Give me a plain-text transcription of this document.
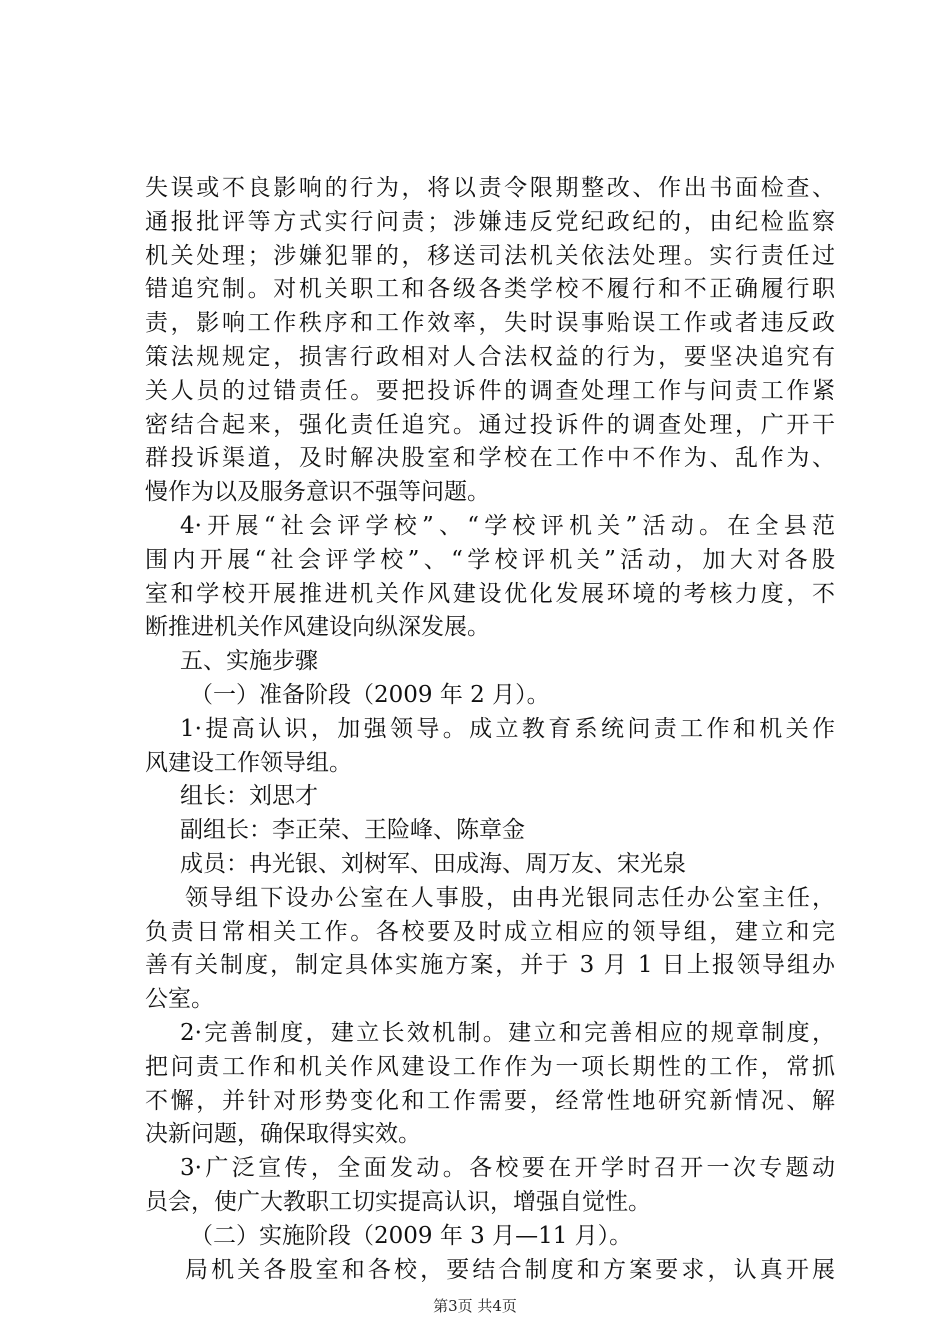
失误或不良影响的行为，将以责令限期整改、作出书面检查、
通报批评等方式实行问责；涉嫌违反党纪政纪的，由纪检监察
机关处理；涉嫌犯罪的，移送司法机关依法处理。实行责任过
错追究制。对机关职工和各级各类学校不履行和不正确履行职
责，影响工作秩序和工作效率，失时误事贻误工作或者违反政
策法规规定，损害行政相对人合法权益的行为，要坚决追究有
关人员的过错责任。要把投诉件的调查处理工作与问责工作紧
密结合起来，强化责任追究。通过投诉件的调查处理，广开干
群投诉渠道，及时解决股室和学校在工作中不作为、乱作为、
慢作为以及服务意识不强等问题。
4·开展“社会评学校”、“学校评机关”活动。在全县范
围内开展“社会评学校”、“学校评机关”活动，加大对各股
室和学校开展推进机关作风建设优化发展环境的考核力度，不
断推进机关作风建设向纵深发展。
五、实施步骤
（一）准备阶段（2009 年 2 月）。
1·提高认识，加强领导。成立教育系统问责工作和机关作
风建设工作领导组。
组长：刘思才
副组长：李正荣、王险峰、陈章金
成员：冉光银、刘树军、田成海、周万友、宋光泉
领导组下设办公室在人事股，由冉光银同志任办公室主任，
负责日常相关工作。各校要及时成立相应的领导组，建立和完
善有关制度，制定具体实施方案，并于 3 月 1 日上报领导组办
公室。
2·完善制度，建立长效机制。建立和完善相应的规章制度，
把问责工作和机关作风建设工作作为一项长期性的工作，常抓
不懈，并针对形势变化和工作需要，经常性地研究新情况、解
决新问题，确保取得实效。
3·广泛宣传，全面发动。各校要在开学时召开一次专题动
员会，使广大教职工切实提高认识，增强自觉性。
（二）实施阶段（2009 年 3 月—11 月）。
局机关各股室和各校，要结合制度和方案要求，认真开展
第3页 共4页
